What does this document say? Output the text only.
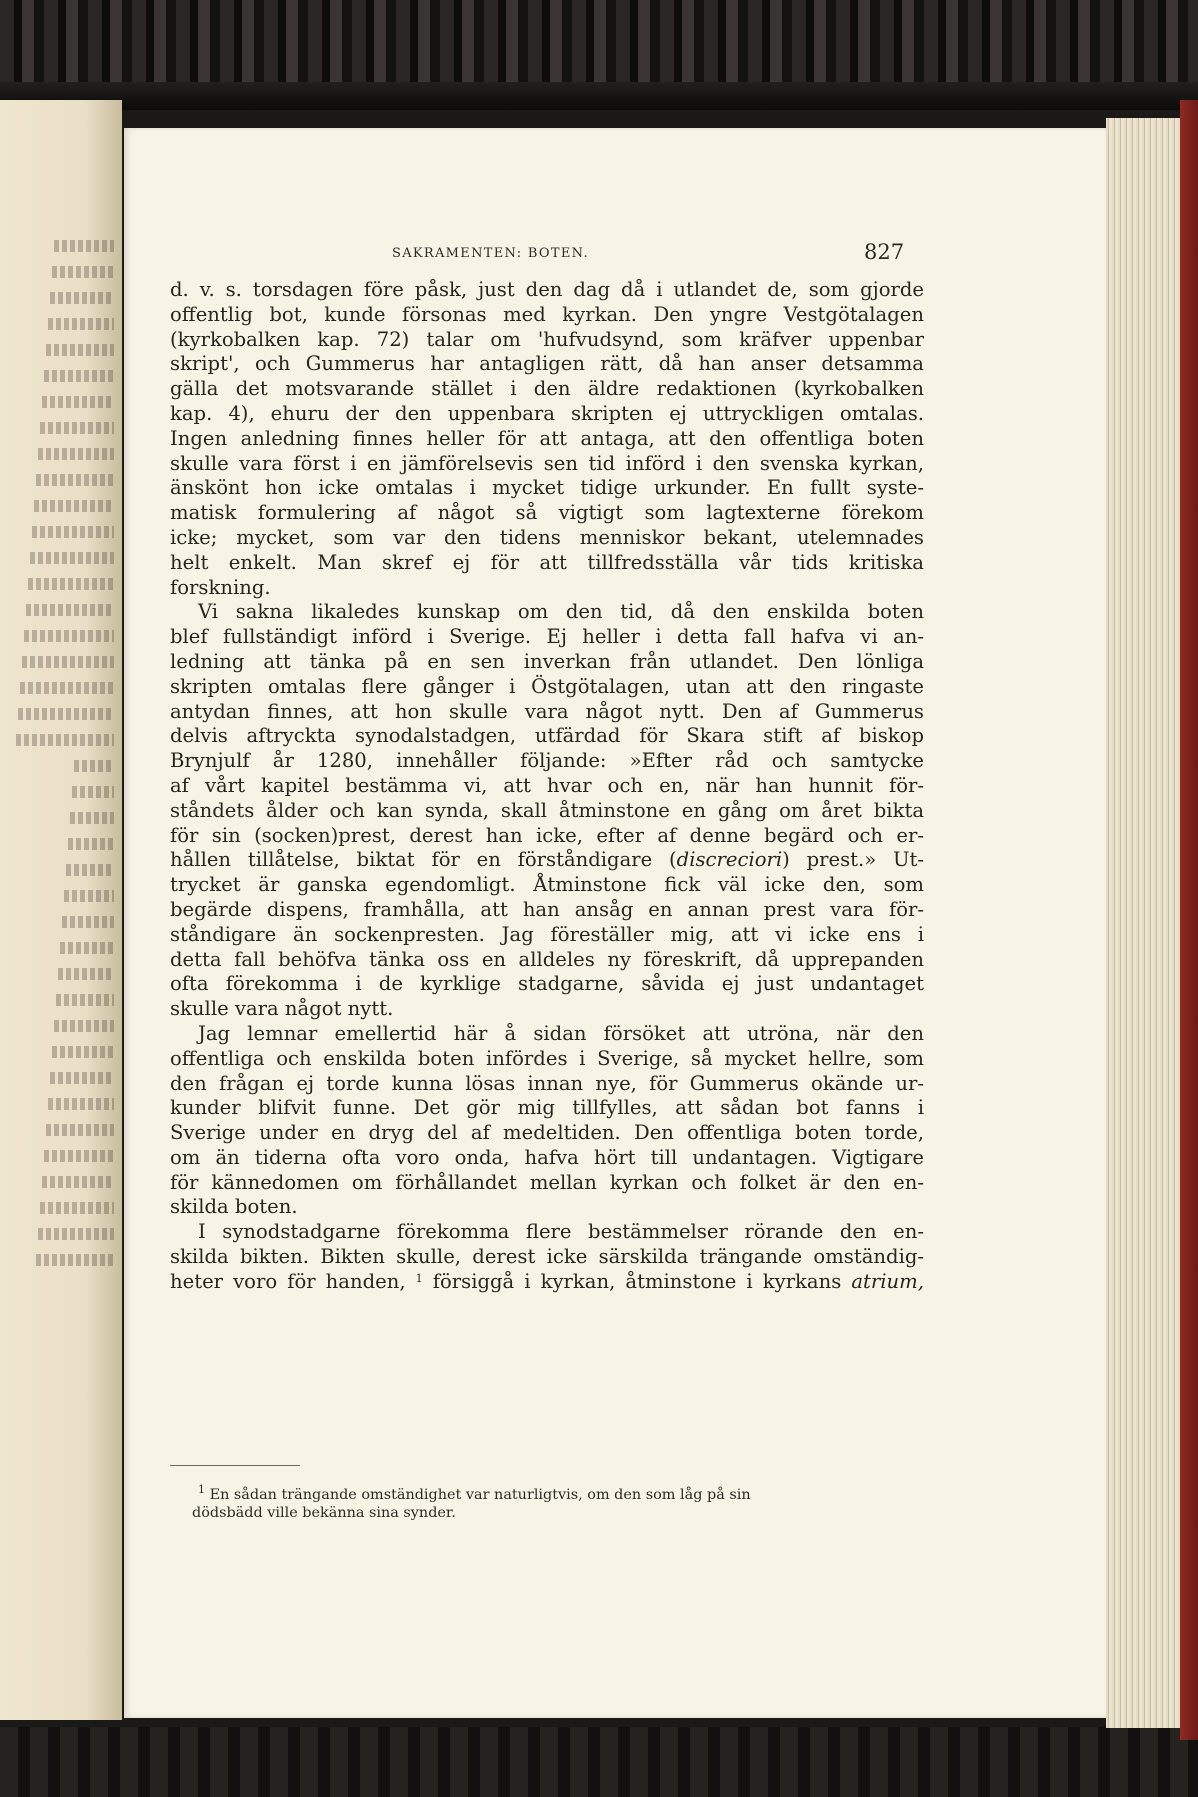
SAKRAMENTEN: BOTEN.	827
d. v. s. torsdagen före påsk, just den dag då i utlandet de, som gjorde
offentlig bot, kunde försonas med kyrkan. Den yngre Vestgötalagen
(kyrkobalken kap. 72) talar om 'hufvudsynd, som kräfver uppenbar
skript', och Gummerus har antagligen rätt, då han anser detsamma
gälla det motsvarande stället i den äldre redaktionen (kyrkobalken
kap. 4), ehuru der den uppenbara skripten ej uttryckligen omtalas.
Ingen anledning finnes heller för att antaga, att den offentliga boten
skulle vara först i en jämförelsevis sen tid införd i den svenska kyrkan,
änskönt hon icke omtalas i mycket tidige urkunder. En fullt syste-
matisk formulering af något så vigtigt som lagtexterne förekom
icke; mycket, som var den tidens menniskor bekant, utelemnades
helt enkelt. Man skref ej för att tillfredsställa vår tids kritiska
forskning.
Vi sakna likaledes kunskap om den tid, då den enskilda boten
blef fullständigt införd i Sverige. Ej heller i detta fall hafva vi an-
ledning att tänka på en sen inverkan från utlandet. Den lönliga
skripten omtalas flere gånger i Östgötalagen, utan att den ringaste
antydan finnes, att hon skulle vara något nytt. Den af Gummerus
delvis aftryckta synodalstadgen, utfärdad för Skara stift af biskop
Brynjulf år 1280, innehåller följande: »Efter råd och samtycke
af vårt kapitel bestämma vi, att hvar och en, när han hunnit för-
ståndets ålder och kan synda, skall åtminstone en gång om året bikta
för sin (socken)prest, derest han icke, efter af denne begärd och er-
hållen tillåtelse, biktat för en förståndigare (discreciori) prest.» Ut-
trycket är ganska egendomligt. Åtminstone fick väl icke den, som
begärde dispens, framhålla, att han ansåg en annan prest vara för-
ståndigare än sockenpresten. Jag föreställer mig, att vi icke ens i
detta fall behöfva tänka oss en alldeles ny föreskrift, då upprepanden
ofta förekomma i de kyrklige stadgarne, såvida ej just undantaget
skulle vara något nytt.
Jag lemnar emellertid här å sidan försöket att utröna, när den
offentliga och enskilda boten infördes i Sverige, så mycket hellre, som
den frågan ej torde kunna lösas innan nye, för Gummerus okände ur-
kunder blifvit funne. Det gör mig tillfylles, att sådan bot fanns i
Sverige under en dryg del af medeltiden. Den offentliga boten torde,
om än tiderna ofta voro onda, hafva hört till undantagen. Vigtigare
för kännedomen om förhållandet mellan kyrkan och folket är den en-
skilda boten.
I synodstadgarne förekomma flere bestämmelser rörande den en-
skilda bikten. Bikten skulle, derest icke särskilda trängande omständig-
heter voro för handen, $^1$ försiggå i kyrkan, åtminstone i kyrkans atrium,
$^1$ En sådan trängande omständighet var naturligtvis, om den som låg på sin
dödsbädd ville bekänna sina synder.
